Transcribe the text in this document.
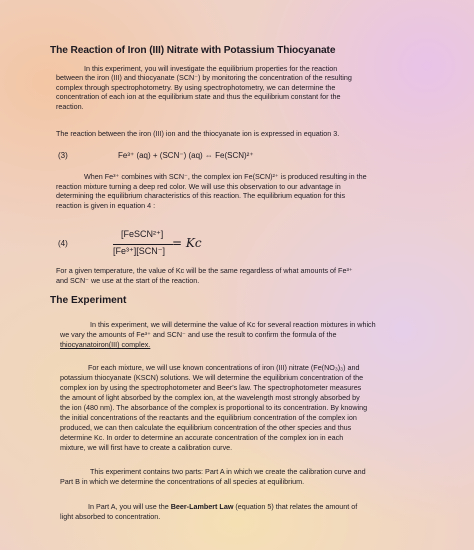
The Reaction of Iron (III) Nitrate with Potassium Thiocyanate
In this experiment, you will investigate the equilibrium properties for the reaction
between the iron (III) and thiocyanate (SCN⁻) by monitoring the concentration of the resulting
complex through spectrophotometry. By using spectrophotometry, we can determine the
concentration of each ion at the equilibrium state and thus the equilibrium constant for the
reaction.
The reaction between the iron (III) ion and the thiocyanate ion is expressed in equation 3.
(3)	Fe³⁺ (aq) + (SCN⁻) (aq) ⇔ Fe(SCN)²⁺
When Fe³⁺ combines with SCN⁻, the complex ion Fe(SCN)²⁺ is produced resulting in the
reaction mixture turning a deep red color. We will use this observation to our advantage in
determining the equilibrium characteristics of this reaction. The equilibrium equation for this
reaction is given in equation 4 :
(4)
[FeSCN²⁺]
[Fe³⁺][SCN⁻]
= Kc
For a given temperature, the value of Kc will be the same regardless of what amounts of Fe³⁺
and SCN⁻ we use at the start of the reaction.
The Experiment
In this experiment, we will determine the value of Kc for several reaction mixtures in which
we vary the amounts of Fe³⁺ and SCN⁻ and use the result to confirm the formula of the
thiocyanatoiron(III) complex.
For each mixture, we will use known concentrations of iron (III) nitrate (Fe(NO₃)₃) and
potassium thiocyanate (KSCN) solutions. We will determine the equilibrium concentration of the
complex ion by using the spectrophotometer and Beer's law. The spectrophotometer measures
the amount of light absorbed by the complex ion, at the wavelength most strongly absorbed by
the ion (480 nm). The absorbance of the complex is proportional to its concentration. By knowing
the initial concentrations of the reactants and the equilibrium concentration of the complex ion
produced, we can then calculate the equilibrium concentration of the other species and thus
determine Kc. In order to determine an accurate concentration of the complex ion in each
mixture, we will first have to create a calibration curve.
This experiment contains two parts: Part A in which we create the calibration curve and
Part B in which we determine the concentrations of all species at equilibrium.
In Part A, you will use the Beer-Lambert Law (equation 5) that relates the amount of
light absorbed to concentration.
